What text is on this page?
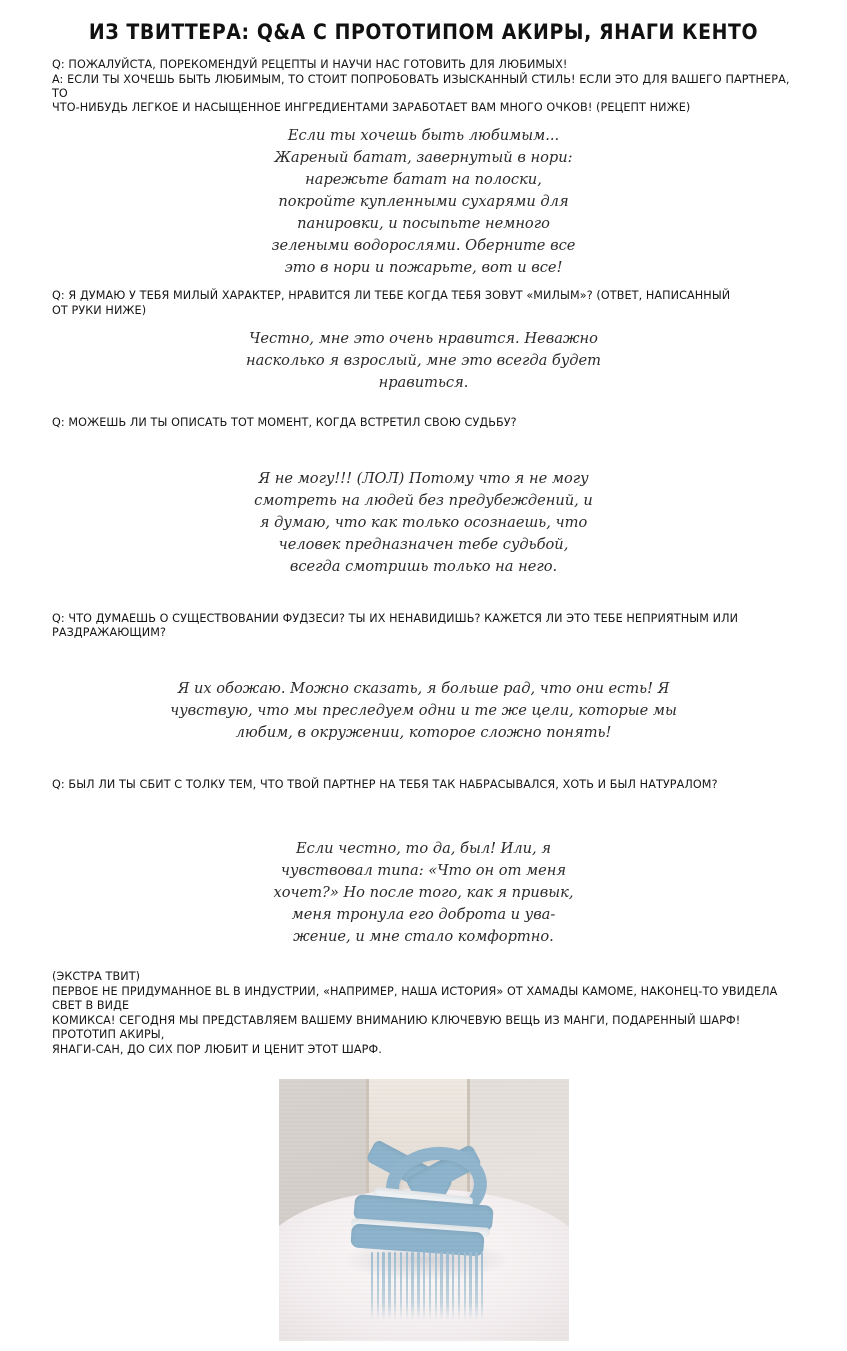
ИЗ ТВИТТЕРА: Q&A С ПРОТОТИПОМ АКИРЫ, ЯНАГИ КЕНТО

Q: ПОЖАЛУЙСТА, ПОРЕКОМЕНДУЙ РЕЦЕПТЫ И НАУЧИ НАС ГОТОВИТЬ ДЛЯ ЛЮБИМЫХ!

A: ЕСЛИ ТЫ ХОЧЕШЬ БЫТЬ ЛЮБИМЫМ, ТО СТОИТ ПОПРОБОВАТЬ ИЗЫСКАННЫЙ СТИЛЬ! ЕСЛИ ЭТО ДЛЯ ВАШЕГО ПАРТНЕРА, ТО

ЧТО-НИБУДЬ ЛЕГКОЕ И НАСЫЩЕННОЕ ИНГРЕДИЕНТАМИ ЗАРАБОТАЕТ ВАМ МНОГО ОЧКОВ! (РЕЦЕПТ НИЖЕ)

Если ты хочешь быть любимым...
Жареный батат, завернутый в нори:
нарежьте батат на полоски,
покройте купленными сухарями для
панировки, и посыпьте немного
зелеными водорослями. Оберните все
это в нори и пожарьте, вот и все!

Q: Я ДУМАЮ У ТЕБЯ МИЛЫЙ ХАРАКТЕР, НРАВИТСЯ ЛИ ТЕБЕ КОГДА ТЕБЯ ЗОВУТ «МИЛЫМ»? (ОТВЕТ, НАПИСАННЫЙ

ОТ РУКИ НИЖЕ)

Честно, мне это очень нравится. Неважно
насколько я взрослый, мне это всегда будет
нравиться.

Q: МОЖЕШЬ ЛИ ТЫ ОПИСАТЬ ТОТ МОМЕНТ, КОГДА ВСТРЕТИЛ СВОЮ СУДЬБУ?

Я не могу!!! (ЛОЛ) Потому что я не могу
смотреть на людей без предубеждений, и
я думаю, что как только осознаешь, что
человек предназначен тебе судьбой,
всегда смотришь только на него.

Q: ЧТО ДУМАЕШЬ О СУЩЕСТВОВАНИИ ФУДЗЕСИ? ТЫ ИХ НЕНАВИДИШЬ? КАЖЕТСЯ ЛИ ЭТО ТЕБЕ НЕПРИЯТНЫМ ИЛИ РАЗДРАЖАЮЩИМ?

Я их обожаю. Можно сказать, я больше рад, что они есть! Я
чувствую, что мы преследуем одни и те же цели, которые мы
любим, в окружении, которое сложно понять!

Q: БЫЛ ЛИ ТЫ СБИТ С ТОЛКУ ТЕМ, ЧТО ТВОЙ ПАРТНЕР НА ТЕБЯ ТАК НАБРАСЫВАЛСЯ, ХОТЬ И БЫЛ НАТУРАЛОМ?

Если честно, то да, был! Или, я
чувствовал типа: «Что он от меня
хочет?» Но после того, как я привык,
меня тронула его доброта и ува-
жение, и мне стало комфортно.

(ЭКСТРА ТВИТ)

ПЕРВОЕ НЕ ПРИДУМАННОЕ BL В ИНДУСТРИИ, «НАПРИМЕР, НАША ИСТОРИЯ» ОТ ХАМАДЫ КАМОМЕ, НАКОНЕЦ-ТО УВИДЕЛА СВЕТ В ВИДЕ

КОМИКСА! СЕГОДНЯ МЫ ПРЕДСТАВЛЯЕМ ВАШЕМУ ВНИМАНИЮ КЛЮЧЕВУЮ ВЕЩЬ ИЗ МАНГИ, ПОДАРЕННЫЙ ШАРФ! ПРОТОТИП АКИРЫ,

ЯНАГИ-САН, ДО СИХ ПОР ЛЮБИТ И ЦЕНИТ ЭТОТ ШАРФ.
